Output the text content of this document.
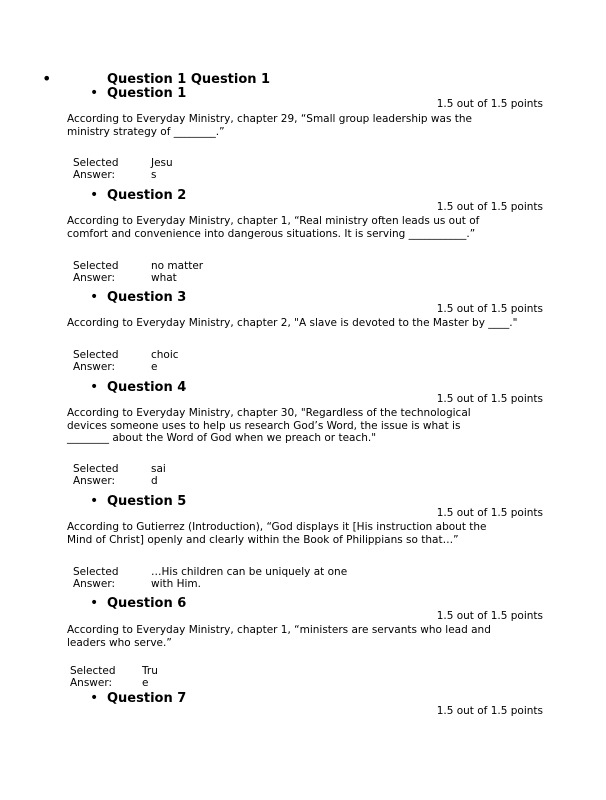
•	Question 1 Question 1
• Question 1
1.5 out of 1.5 points
According to Everyday Ministry, chapter 29, “Small group leadership was the ministry strategy of ________.”
Selected
Answer:
Jesu
s
• Question 2
1.5 out of 1.5 points
According to Everyday Ministry, chapter 1, “Real ministry often leads us out of comfort and convenience into dangerous situations. It is serving ___________.”
Selected
Answer:
no matter
what
• Question 3
1.5 out of 1.5 points
According to Everyday Ministry, chapter 2, "A slave is devoted to the Master by ____."
Selected
Answer:
choic
e
• Question 4
1.5 out of 1.5 points
According to Everyday Ministry, chapter 30, "Regardless of the technological devices someone uses to help us research God’s Word, the issue is what is ________ about the Word of God when we preach or teach."
Selected
Answer:
sai
d
• Question 5
1.5 out of 1.5 points
According to Gutierrez (Introduction), “God displays it [His instruction about the Mind of Christ] openly and clearly within the Book of Philippians so that…”
Selected
Answer:
…His children can be uniquely at one
with Him.
• Question 6
1.5 out of 1.5 points
According to Everyday Ministry, chapter 1, “ministers are servants who lead and leaders who serve.”
Selected
Answer:
Tru
e
• Question 7
1.5 out of 1.5 points
